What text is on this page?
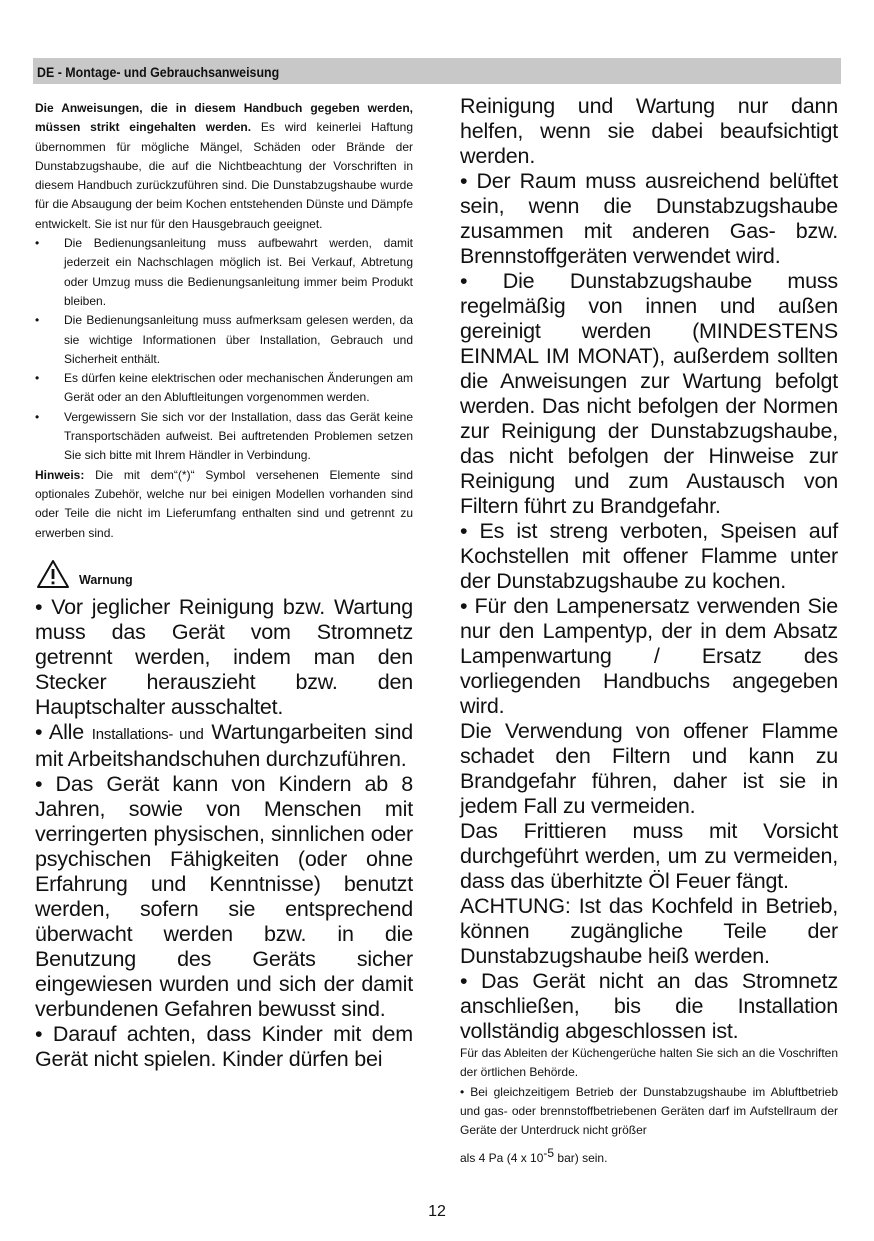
DE - Montage- und Gebrauchsanweisung

Die Anweisungen, die in diesem Handbuch gegeben werden, müssen strikt eingehalten werden. Es wird keinerlei Haftung übernommen für mögliche Mängel, Schäden oder Brände der Dunstabzugshaube, die auf die Nichtbeachtung der Vorschriften in diesem Handbuch zurückzuführen sind. Die Dunstabzugshaube wurde für die Absaugung der beim Kochen entstehenden Dünste und Dämpfe entwickelt. Sie ist nur für den Hausgebrauch geeignet.

• Die Bedienungsanleitung muss aufbewahrt werden, damit jederzeit ein Nachschlagen möglich ist. Bei Verkauf, Abtretung oder Umzug muss die Bedienungsanleitung immer beim Produkt bleiben.
• Die Bedienungsanleitung muss aufmerksam gelesen werden, da sie wichtige Informationen über Installation, Gebrauch und Sicherheit enthält.
• Es dürfen keine elektrischen oder mechanischen Änderungen am Gerät oder an den Abluftleitungen vorgenommen werden.
• Vergewissern Sie sich vor der Installation, dass das Gerät keine Transportschäden aufweist. Bei auftretenden Problemen setzen Sie sich bitte mit Ihrem Händler in Verbindung.

Hinweis: Die mit dem“(*)“ Symbol versehenen Elemente sind optionales Zubehör, welche nur bei einigen Modellen vorhanden sind oder Teile die nicht im Lieferumfang enthalten sind und getrennt zu erwerben sind.

Warnung

• Vor jeglicher Reinigung bzw. Wartung muss das Gerät vom Stromnetz getrennt werden, indem man den Stecker herauszieht bzw. den Hauptschalter ausschaltet.

• Alle Installations- und Wartungarbeiten sind mit Arbeitshandschuhen durchzuführen.

• Das Gerät kann von Kindern ab 8 Jahren, sowie von Menschen mit verringerten physischen, sinnlichen oder psychischen Fähigkeiten (oder ohne Erfahrung und Kenntnisse) benutzt werden, sofern sie entsprechend überwacht werden bzw. in die Benutzung des Geräts sicher eingewiesen wurden und sich der damit verbundenen Gefahren bewusst sind.

• Darauf achten, dass Kinder mit dem Gerät nicht spielen. Kinder dürfen bei

Reinigung und Wartung nur dann helfen, wenn sie dabei beaufsichtigt werden.

• Der Raum muss ausreichend belüftet sein, wenn die Dunstabzugshaube zusammen mit anderen Gas- bzw. Brennstoffgeräten verwendet wird.

• Die Dunstabzugshaube muss regelmäßig von innen und außen gereinigt werden (MINDESTENS EINMAL IM MONAT), außerdem sollten die Anweisungen zur Wartung befolgt werden. Das nicht befolgen der Normen zur Reinigung der Dunstabzugshaube, das nicht befolgen der Hinweise zur Reinigung und zum Austausch von Filtern führt zu Brandgefahr.

• Es ist streng verboten, Speisen auf Kochstellen mit offener Flamme unter der Dunstabzugshaube zu kochen.

• Für den Lampenersatz verwenden Sie nur den Lampentyp, der in dem Absatz Lampenwartung / Ersatz des vorliegenden Handbuchs angegeben wird.

Die Verwendung von offener Flamme schadet den Filtern und kann zu Brandgefahr führen, daher ist sie in jedem Fall zu vermeiden.

Das Frittieren muss mit Vorsicht durchgeführt werden, um zu vermeiden, dass das überhitzte Öl Feuer fängt.

ACHTUNG: Ist das Kochfeld in Betrieb, können zugängliche Teile der Dunstabzugshaube heiß werden.

• Das Gerät nicht an das Stromnetz anschließen, bis die Installation vollständig abgeschlossen ist.

Für das Ableiten der Küchengerüche halten Sie sich an die Voschriften der örtlichen Behörde.

• Bei gleichzeitigem Betrieb der Dunstabzugshaube im Abluftbetrieb und gas- oder brennstoffbetriebenen Geräten darf im Aufstellraum der Geräte der Unterdruck nicht größer

als 4 Pa (4 x $10^{-5}$ bar) sein.

12
